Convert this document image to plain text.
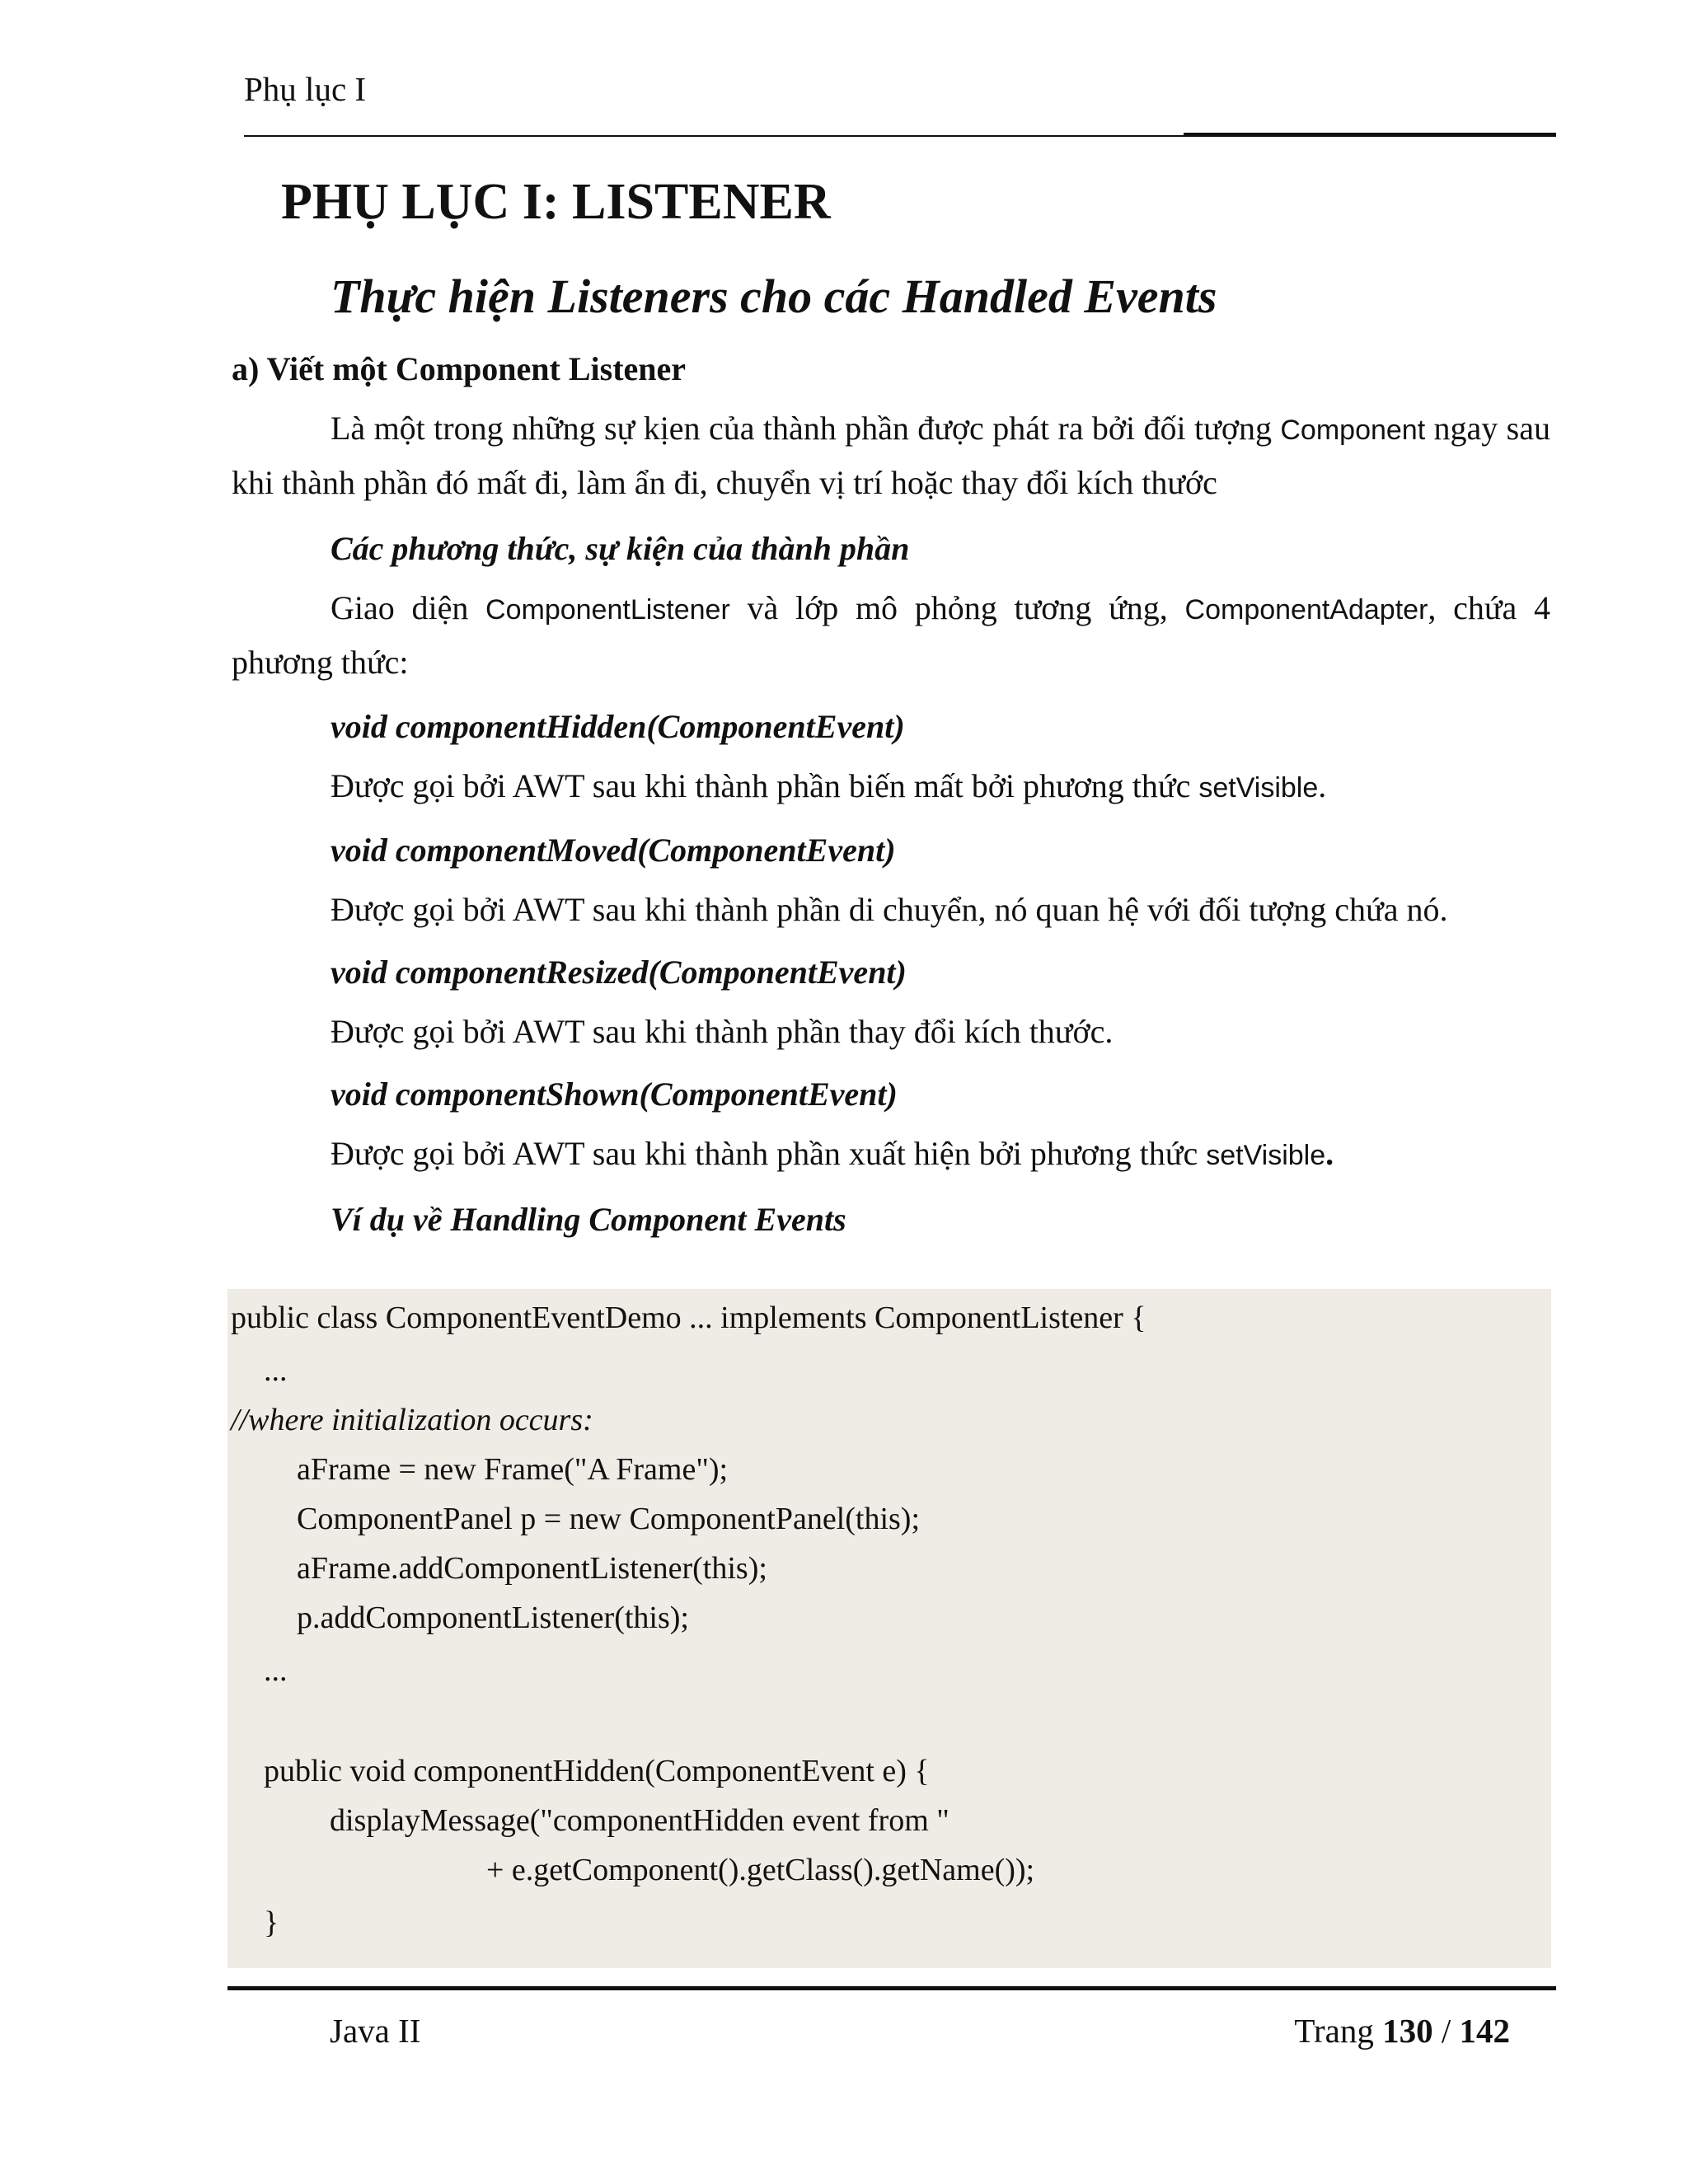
Phụ lục I
PHỤ LỤC I: LISTENER
Thực hiện Listeners cho các Handled Events
a) Viết một Component Listener

Là một trong những sự kịen của thành phần được phát ra bởi đối tượng Component ngay sau khi thành phần đó mất đi, làm ẩn đi, chuyển vị trí hoặc thay đổi kích thước

Các phương thức, sự kiện của thành phần

Giao diện ComponentListener và lớp mô phỏng tương ứng, ComponentAdapter, chứa 4 phương thức:

void componentHidden(ComponentEvent)

Được gọi bởi AWT sau khi thành phần biến mất bởi phương thức setVisible.

void componentMoved(ComponentEvent)

Được gọi bởi AWT sau khi thành phần di chuyển, nó quan hệ với đối tượng chứa nó.

void componentResized(ComponentEvent)

Được gọi bởi AWT sau khi thành phần thay đổi kích thước.

void componentShown(ComponentEvent)

Được gọi bởi AWT sau khi thành phần xuất hiện bởi phương thức setVisible.

Ví dụ về Handling Component Events

public class ComponentEventDemo ... implements ComponentListener {
...
//where initialization occurs:
aFrame = new Frame("A Frame");
ComponentPanel p = new ComponentPanel(this);
aFrame.addComponentListener(this);
p.addComponentListener(this);
...
public void componentHidden(ComponentEvent e) {
displayMessage("componentHidden event from "
+ e.getComponent().getClass().getName());
}
Java II	Trang 130 / 142
